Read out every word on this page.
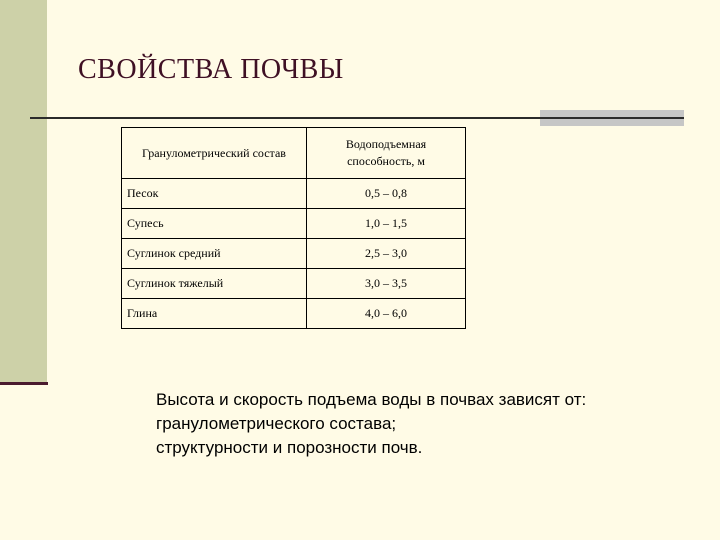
СВОЙСТВА ПОЧВЫ
Гранулометрический состав	Водоподъемная способность, м
Песок	0,5 – 0,8
Супесь	1,0 – 1,5
Суглинок средний	2,5 – 3,0
Суглинок тяжелый	3,0 – 3,5
Глина	4,0 – 6,0
Высота и скорость подъема воды в почвах зависят от:
гранулометрического состава;
структурности и порозности почв.
